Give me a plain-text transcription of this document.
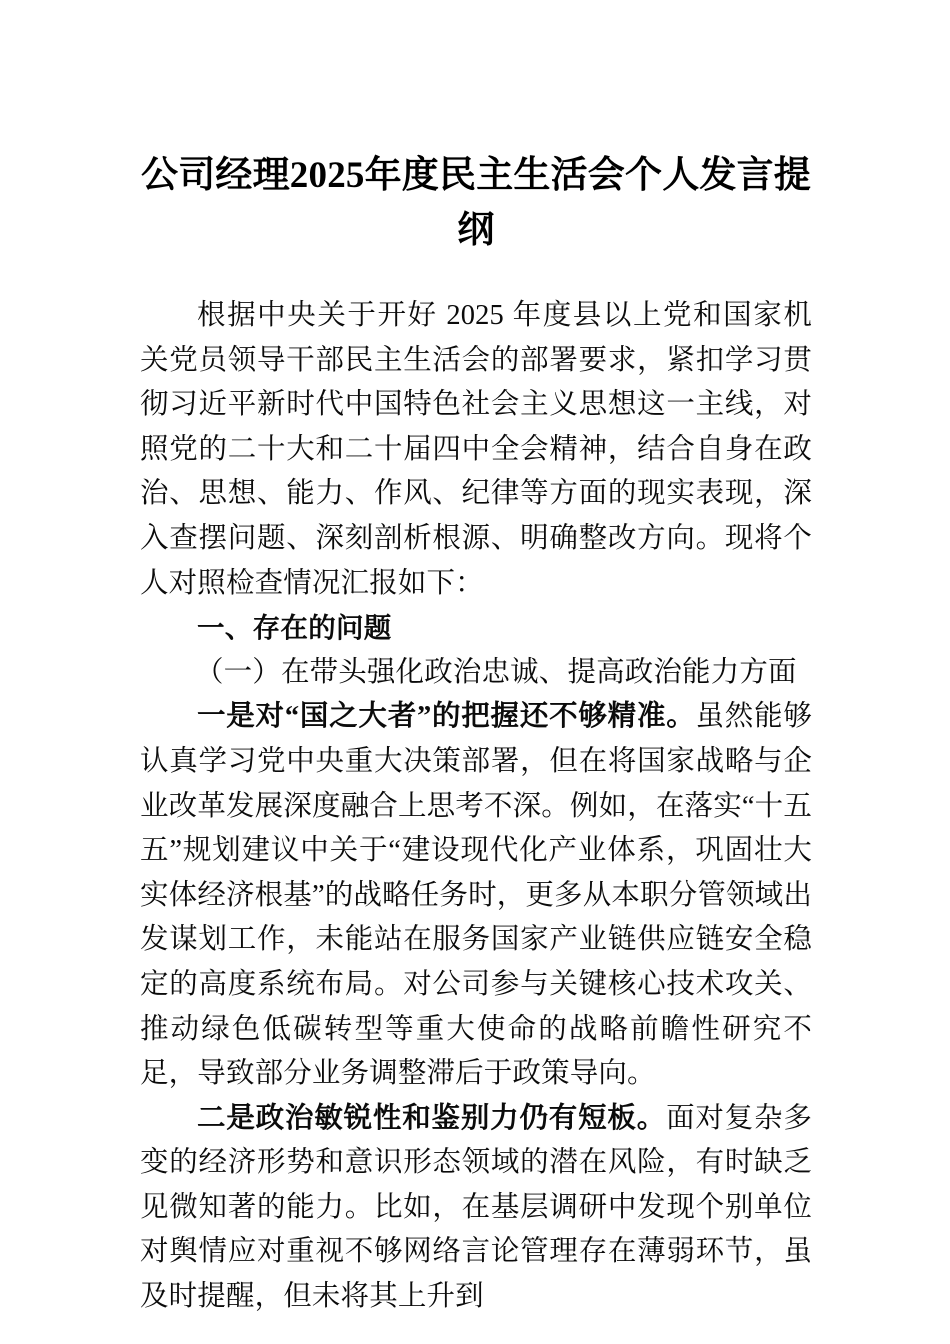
公司经理2025年度民主生活会个人发言提
纲

根据中央关于开好 2025 年度县以上党和国家机关党员领导干部民主生活会的部署要求，紧扣学习贯彻习近平新时代中国特色社会主义思想这一主线，对照党的二十大和二十届四中全会精神，结合自身在政治、思想、能力、作风、纪律等方面的现实表现，深入查摆问题、深刻剖析根源、明确整改方向。现将个人对照检查情况汇报如下：

一、存在的问题

（一）在带头强化政治忠诚、提高政治能力方面

一是对“国之大者”的把握还不够精准。虽然能够认真学习党中央重大决策部署，但在将国家战略与企业改革发展深度融合上思考不深。例如，在落实“十五五”规划建议中关于“建设现代化产业体系，巩固壮大实体经济根基”的战略任务时，更多从本职分管领域出发谋划工作，未能站在服务国家产业链供应链安全稳定的高度系统布局。对公司参与关键核心技术攻关、推动绿色低碳转型等重大使命的战略前瞻性研究不足，导致部分业务调整滞后于政策导向。

二是政治敏锐性和鉴别力仍有短板。面对复杂多变的经济形势和意识形态领域的潜在风险，有时缺乏见微知著的能力。比如，在基层调研中发现个别单位对舆情应对重视不够网络言论管理存在薄弱环节，虽及时提醒，但未将其上升到
